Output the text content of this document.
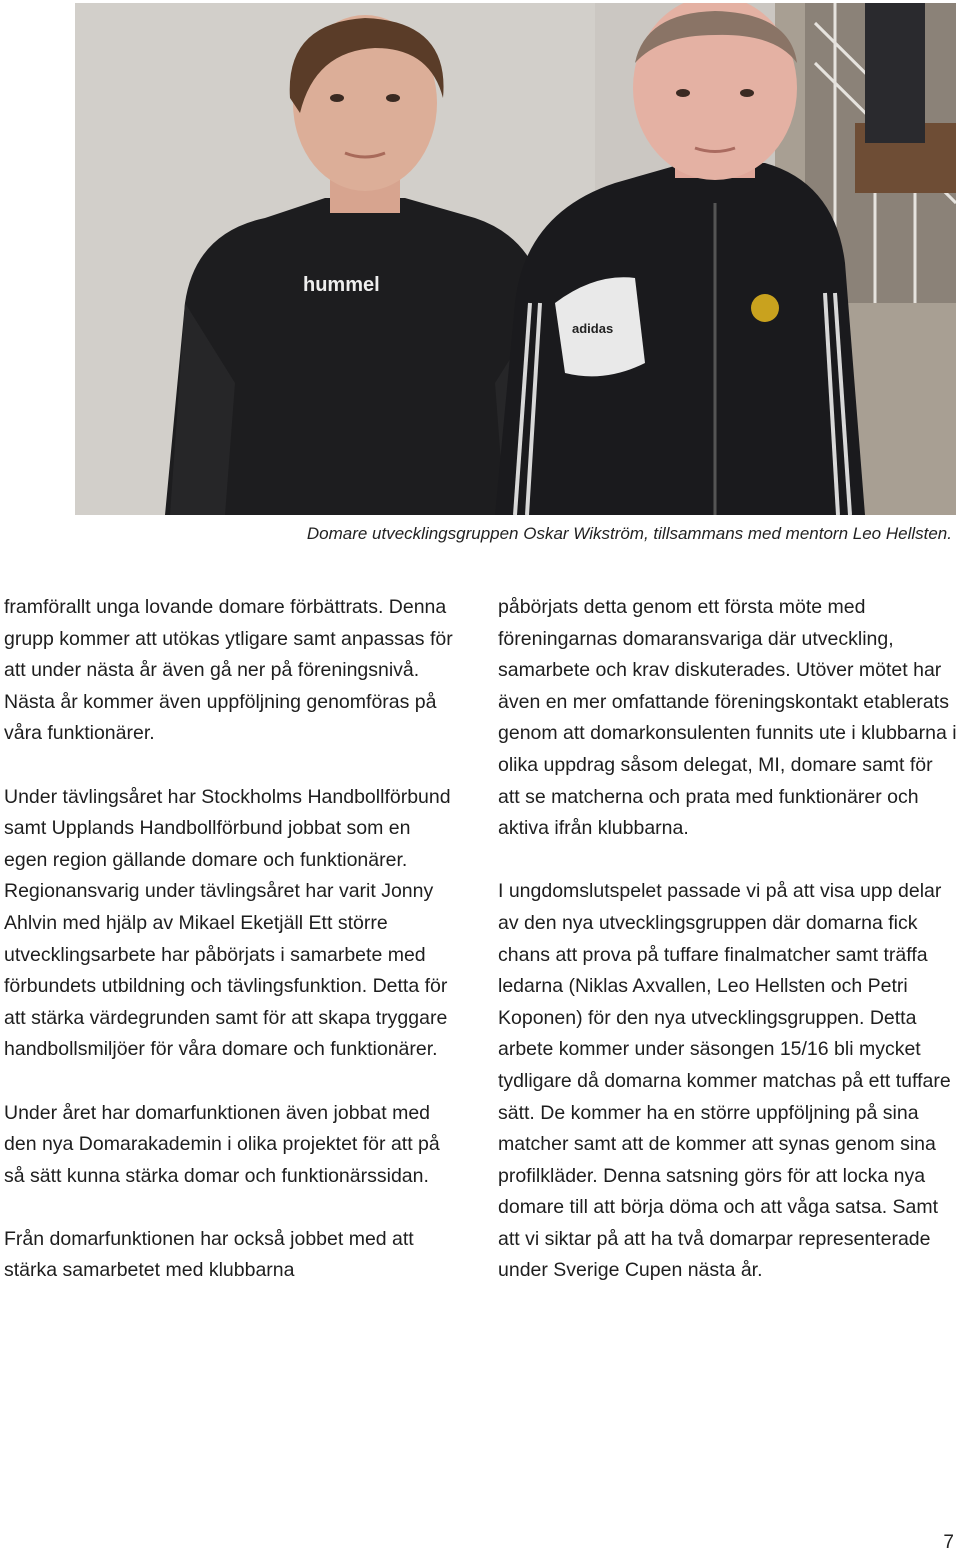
hummel
adidas
Domare utvecklingsgruppen Oskar Wikström, tillsammans med mentorn Leo Hellsten.

framförallt unga lovande domare förbättrats. Denna grupp kommer att utökas ytligare samt anpassas för att under nästa år även gå ner på föreningsnivå. Nästa år kommer även uppföljning genomföras på våra funktionärer.

Under tävlingsåret har Stockholms Handbollförbund samt Upplands Handbollförbund jobbat som en egen region gällande domare och funktionärer. Regionansvarig under tävlingsåret har varit Jonny Ahlvin med hjälp av Mikael Eketjäll Ett större utvecklingsarbete har påbörjats i samarbete med förbundets utbildning och tävlingsfunktion. Detta för att stärka värdegrunden samt för att skapa tryggare handbollsmiljöer för våra domare och funktionärer.

Under året har domarfunktionen även jobbat med den nya Domarakademin i olika projektet för att på så sätt kunna stärka domar och funktionärssidan.

Från domarfunktionen har också jobbet med att stärka samarbetet med klubbarna

påbörjats detta genom ett första möte med föreningarnas domaransvariga där utveckling, samarbete och krav diskuterades. Utöver mötet har även en mer omfattande föreningskontakt etablerats genom att domarkonsulenten funnits ute i klubbarna i olika uppdrag såsom delegat, MI, domare samt för att se matcherna och prata med funktionärer och aktiva ifrån klubbarna.

I ungdomslutspelet passade vi på att visa upp delar av den nya utvecklingsgruppen där domarna fick chans att prova på tuffare finalmatcher samt träffa ledarna (Niklas Axvallen, Leo Hellsten och Petri Koponen) för den nya utvecklingsgruppen. Detta arbete kommer under säsongen 15/16 bli mycket tydligare då domarna kommer matchas på ett tuffare sätt. De kommer ha en större uppföljning på sina matcher samt att de kommer att synas genom sina profilkläder. Denna satsning görs för att locka nya domare till att börja döma och att våga satsa. Samt att vi siktar på att ha två domarpar representerade under Sverige Cupen nästa år.

7
